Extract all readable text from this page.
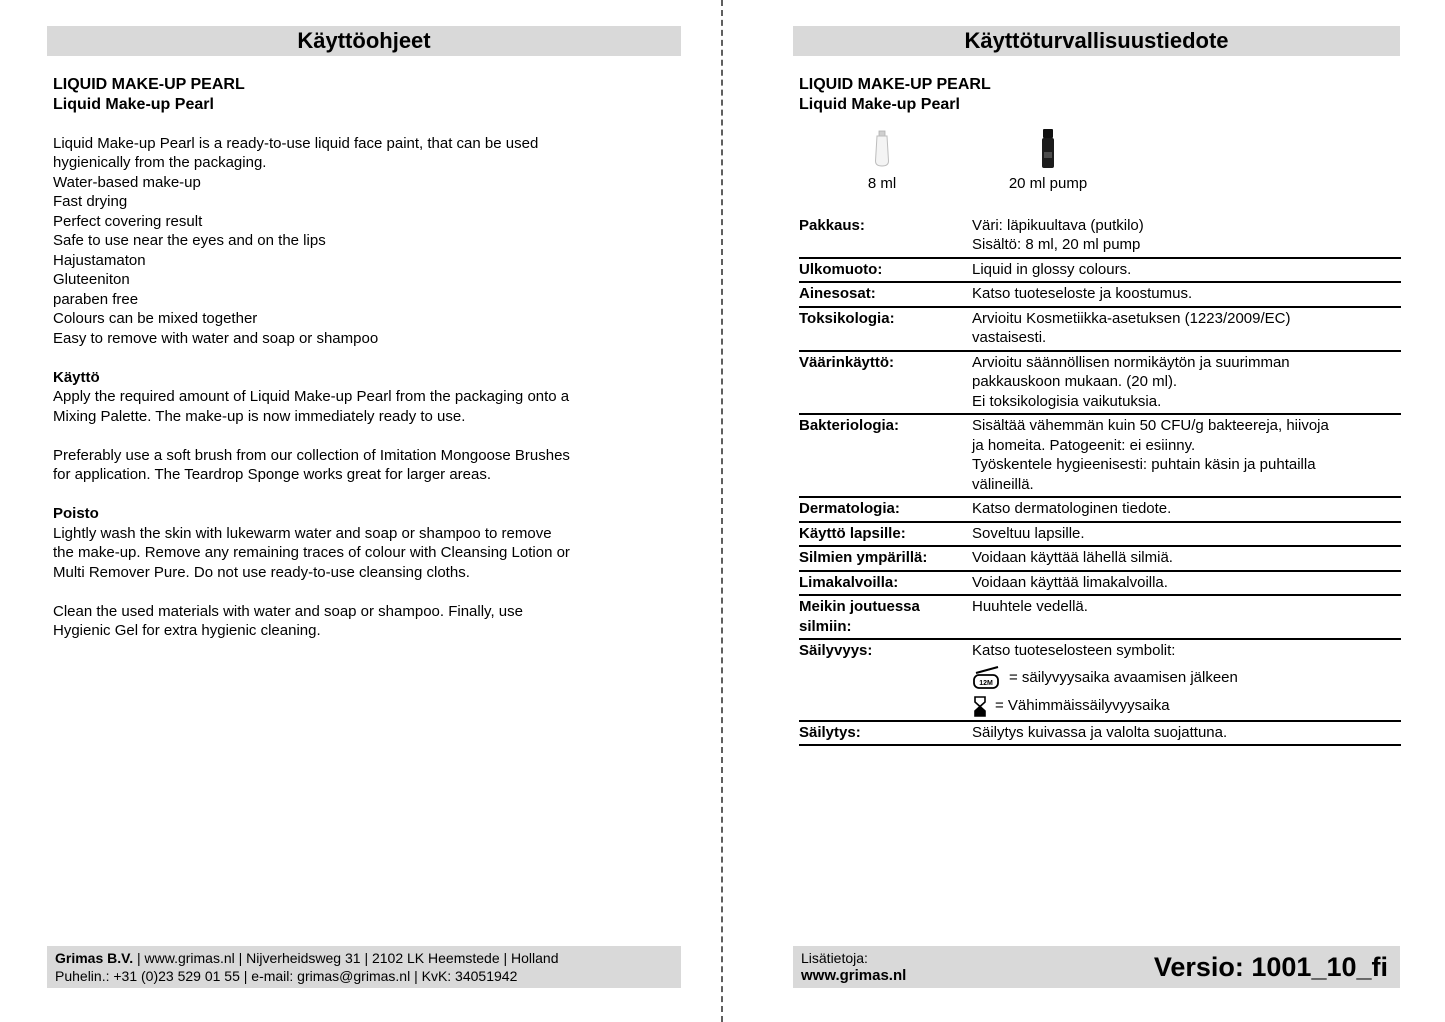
Käyttöohjeet
LIQUID MAKE-UP PEARL
Liquid Make-up Pearl
Liquid Make-up Pearl is a ready-to-use liquid face paint, that can be used
hygienically from the packaging.
Water-based make-up
Fast drying
Perfect covering result
Safe to use near the eyes and on the lips
Hajustamaton
Gluteeniton
paraben free
Colours can be mixed together
Easy to remove with water and soap or shampoo
Käyttö
Apply the required amount of Liquid Make-up Pearl from the packaging onto a
Mixing Palette. The make-up is now immediately ready to use.
Preferably use a soft brush from our collection of Imitation Mongoose Brushes
for application. The Teardrop Sponge works great for larger areas.
Poisto
Lightly wash the skin with lukewarm water and soap or shampoo to remove
the make-up. Remove any remaining traces of colour with Cleansing Lotion or
Multi Remover Pure. Do not use ready-to-use cleansing cloths.
Clean the used materials with water and soap or shampoo. Finally, use
Hygienic Gel for extra hygienic cleaning.
Grimas B.V. | www.grimas.nl | Nijverheidsweg 31 | 2102 LK Heemstede | Holland
Puhelin.: +31 (0)23 529 01 55 | e-mail: grimas@grimas.nl | KvK: 34051942
Käyttöturvallisuustiedote
LIQUID MAKE-UP PEARL
Liquid Make-up Pearl
8 ml	20 ml pump
Pakkaus:	Väri: läpikuultava (putkilo)
Sisältö: 8 ml, 20 ml pump
Ulkomuoto:	Liquid in glossy colours.
Ainesosat:	Katso tuoteseloste ja koostumus.
Toksikologia:	Arvioitu Kosmetiikka-asetuksen (1223/2009/EC)
vastaisesti.
Väärinkäyttö:	Arvioitu säännöllisen normikäytön ja suurimman
pakkauskoon mukaan. (20 ml).
Ei toksikologisia vaikutuksia.
Bakteriologia:	Sisältää vähemmän kuin 50 CFU/g bakteereja, hiivoja
ja homeita. Patogeenit: ei esiinny.
Työskentele hygieenisesti: puhtain käsin ja puhtailla
välineillä.
Dermatologia:	Katso dermatologinen tiedote.
Käyttö lapsille:	Soveltuu lapsille.
Silmien ympärillä:	Voidaan käyttää lähellä silmiä.
Limakalvoilla:	Voidaan käyttää limakalvoilla.
Meikin joutuessa silmiin:
Huuhtele vedellä.
Säilyvyys:	Katso tuoteselosteen symbolit:
12M = säilyvyysaika avaamisen jälkeen
= Vähimmäissäilyvyysaika
Säilytys:	Säilytys kuivassa ja valolta suojattuna.
Lisätietoja:
www.grimas.nl	Versio: 1001_10_fi
